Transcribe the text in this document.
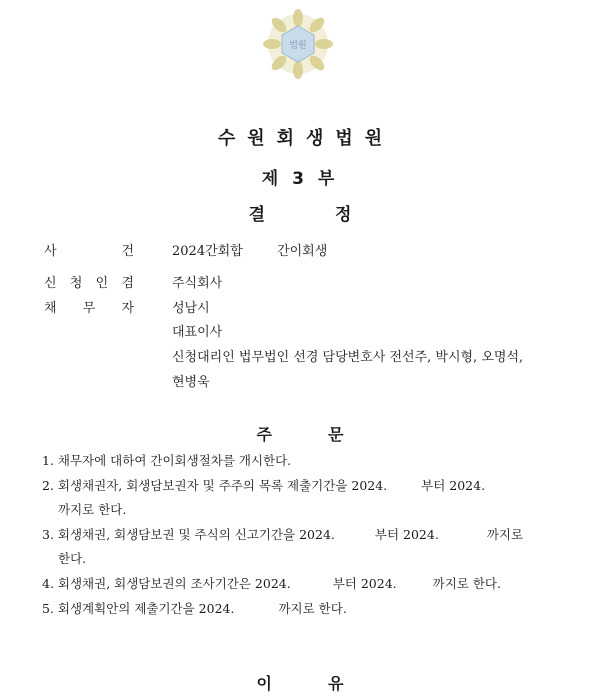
법원
수원회생법원
제 3 부
결정
사	건	2024간회합	간이회생
신 청 인 겸	주식회사
채 무 자	성남시
대표이사
신청대리인 법무법인 선경 담당변호사 전선주, 박시형, 오명석,
현병욱
주문
1. 채무자에 대하여 간이회생절차를 개시한다.
2. 회생채권자, 회생담보권자 및 주주의 목록 제출기간을 2024.	부터 2024.
까지로 한다.
3. 회생채권, 회생담보권 및 주식의 신고기간을 2024.	부터 2024.	까지로
한다.
4. 회생채권, 회생담보권의 조사기간은 2024.	부터 2024.	까지로 한다.
5. 회생계획안의 제출기간을 2024.	까지로 한다.
이유
